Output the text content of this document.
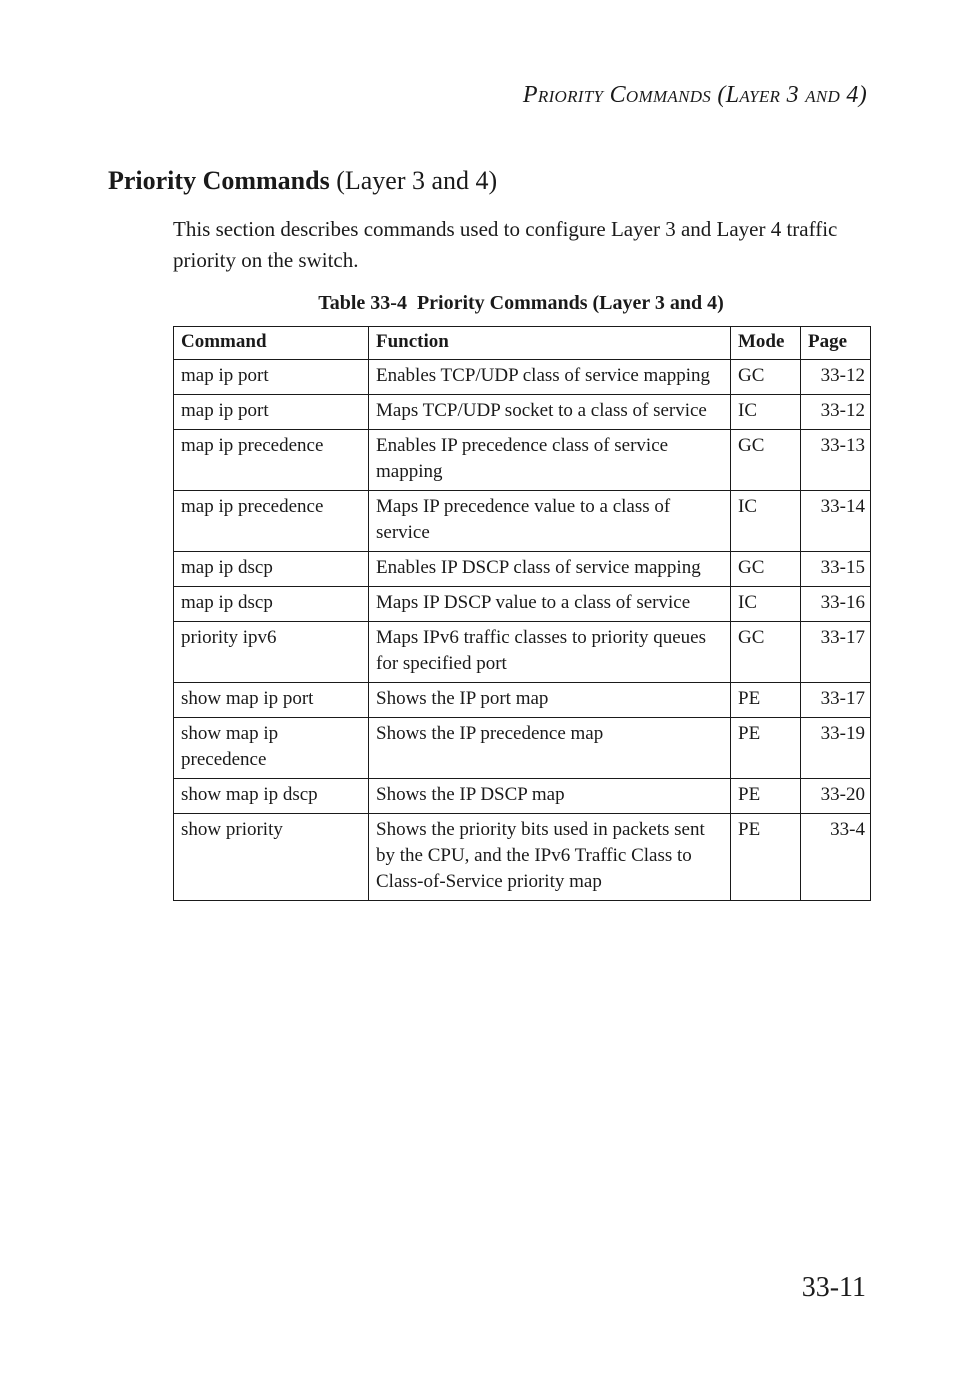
PRIORITY COMMANDS (LAYER 3 AND 4)
Priority Commands (Layer 3 and 4)

This section describes commands used to configure Layer 3 and Layer 4 traffic priority on the switch.

Table 33-4  Priority Commands (Layer 3 and 4)
Command	Function	Mode	Page
map ip port	Enables TCP/UDP class of service mapping	GC	33-12
map ip port	Maps TCP/UDP socket to a class of service	IC	33-12
map ip precedence	Enables IP precedence class of service mapping	GC	33-13
map ip precedence	Maps IP precedence value to a class of service	IC	33-14
map ip dscp	Enables IP DSCP class of service mapping	GC	33-15
map ip dscp	Maps IP DSCP value to a class of service	IC	33-16
priority ipv6	Maps IPv6 traffic classes to priority queues for specified port	GC	33-17
show map ip port	Shows the IP port map	PE	33-17
show map ip precedence	Shows the IP precedence map	PE	33-19
show map ip dscp	Shows the IP DSCP map	PE	33-20
show priority	Shows the priority bits used in packets sent by the CPU, and the IPv6 Traffic Class to Class-of-Service priority map	PE	33-4
33-11
